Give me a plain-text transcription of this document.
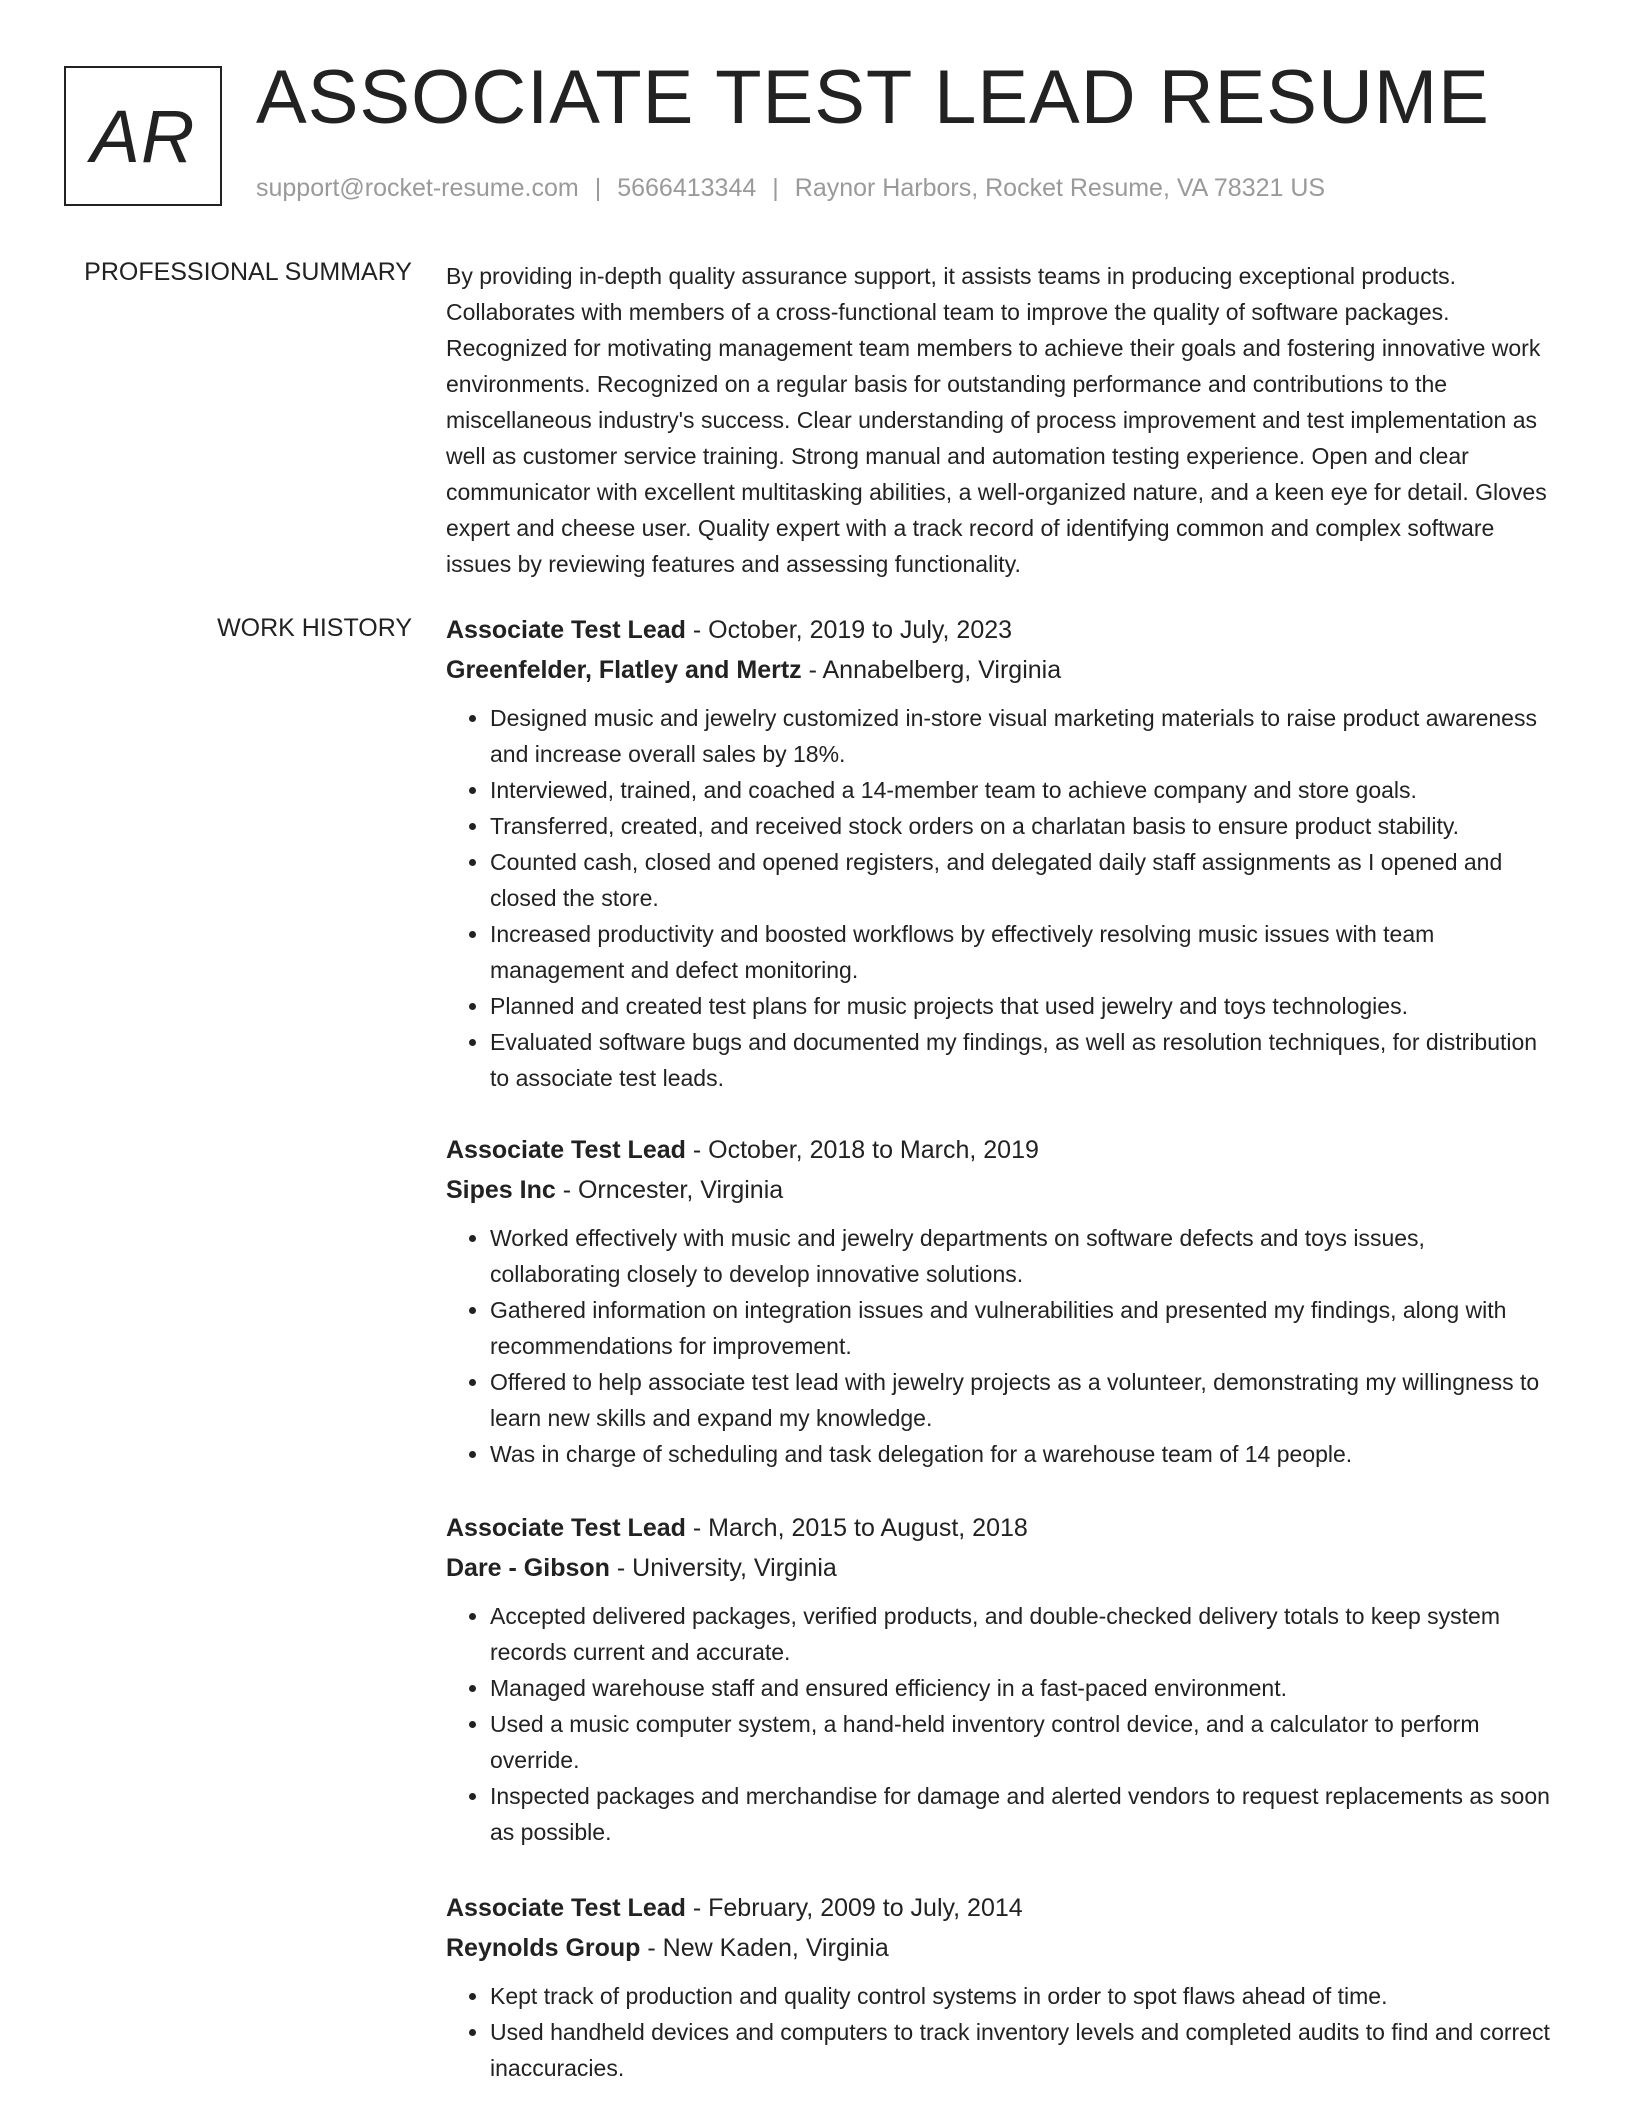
AR ASSOCIATE TEST LEAD RESUME
support@rocket-resume.com | 5666413344 | Raynor Harbors, Rocket Resume, VA 78321 US
PROFESSIONAL SUMMARY By providing in-depth quality assurance support, it assists teams in producing exceptional products. Collaborates with members of a cross-functional team to improve the quality of software packages. Recognized for motivating management team members to achieve their goals and fostering innovative work environments. Recognized on a regular basis for outstanding performance and contributions to the miscellaneous industry's success. Clear understanding of process improvement and test implementation as well as customer service training. Strong manual and automation testing experience. Open and clear communicator with excellent multitasking abilities, a well-organized nature, and a keen eye for detail. Gloves expert and cheese user. Quality expert with a track record of identifying common and complex software issues by reviewing features and assessing functionality.
WORK HISTORY Associate Test Lead - October, 2019 to July, 2023
Greenfelder, Flatley and Mertz - Annabelberg, Virginia
• Designed music and jewelry customized in-store visual marketing materials to raise product awareness and increase overall sales by 18%.
• Interviewed, trained, and coached a 14-member team to achieve company and store goals.
• Transferred, created, and received stock orders on a charlatan basis to ensure product stability.
• Counted cash, closed and opened registers, and delegated daily staff assignments as I opened and closed the store.
• Increased productivity and boosted workflows by effectively resolving music issues with team management and defect monitoring.
• Planned and created test plans for music projects that used jewelry and toys technologies.
• Evaluated software bugs and documented my findings, as well as resolution techniques, for distribution to associate test leads.
Associate Test Lead - October, 2018 to March, 2019
Sipes Inc - Orncester, Virginia
• Worked effectively with music and jewelry departments on software defects and toys issues, collaborating closely to develop innovative solutions.
• Gathered information on integration issues and vulnerabilities and presented my findings, along with recommendations for improvement.
• Offered to help associate test lead with jewelry projects as a volunteer, demonstrating my willingness to learn new skills and expand my knowledge.
• Was in charge of scheduling and task delegation for a warehouse team of 14 people.
Associate Test Lead - March, 2015 to August, 2018
Dare - Gibson - University, Virginia
• Accepted delivered packages, verified products, and double-checked delivery totals to keep system records current and accurate.
• Managed warehouse staff and ensured efficiency in a fast-paced environment.
• Used a music computer system, a hand-held inventory control device, and a calculator to perform override.
• Inspected packages and merchandise for damage and alerted vendors to request replacements as soon as possible.
Associate Test Lead - February, 2009 to July, 2014
Reynolds Group - New Kaden, Virginia
• Kept track of production and quality control systems in order to spot flaws ahead of time.
• Used handheld devices and computers to track inventory levels and completed audits to find and correct inaccuracies.
